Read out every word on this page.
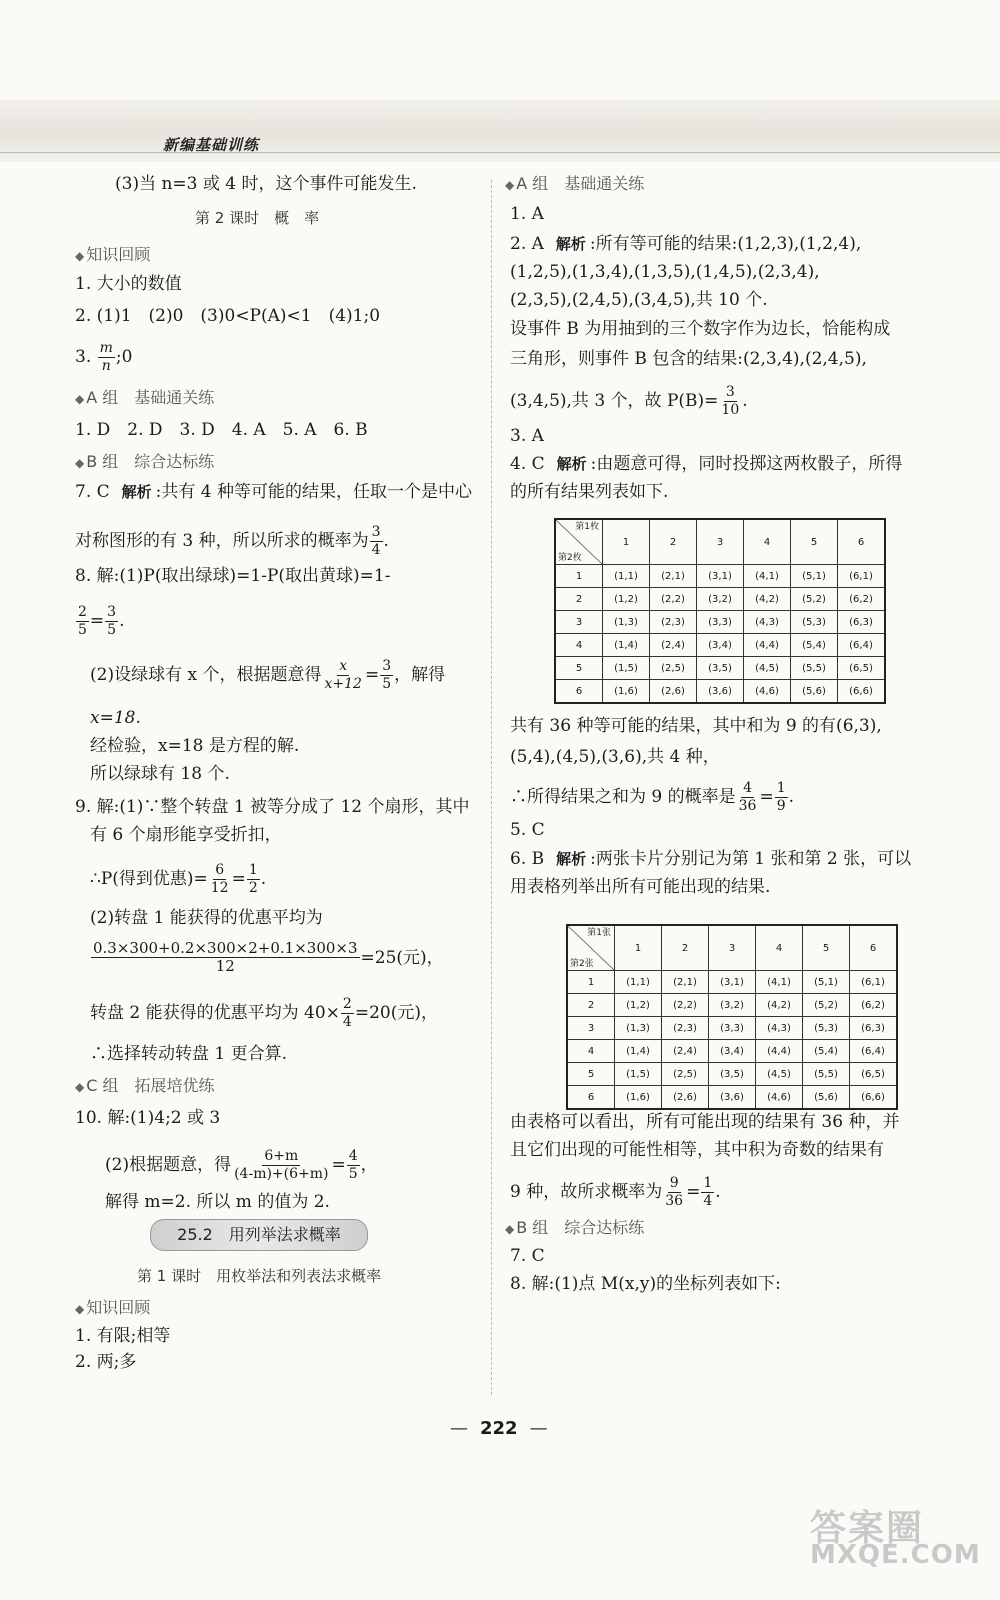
新编基础训练
(3)当 n=3 或 4 时，这个事件可能发生.
第 2 课时　概　率
◆ 知识回顾
1. 大小的数值
2. (1)1　(2)0　(3)0<P(A)<1　(4)1;0
3. $\frac{m}{n}$ ;0
◆ A 组　基础通关练
1. D　2. D　3. D　4. A　5. A　6. B
◆ B 组　综合达标练
7. C 解析 :共有 4 种等可能的结果，任取一个是中心
对称图形的有 3 种，所以所求的概率为 $\frac{3}{4}$ .
8. 解:(1)P(取出绿球)=1-P(取出黄球)=1-
$\frac{2}{5} = \frac{3}{5}$ .
(2)设绿球有 x 个，根据题意得 $\frac{x}{x+12} = \frac{3}{5}$ ，解得
x=18.
经检验，x=18 是方程的解.
所以绿球有 18 个.
9. 解:(1)∵整个转盘 1 被等分成了 12 个扇形，其中
有 6 个扇形能享受折扣，
∴P(得到优惠)= $\frac{6}{12} = \frac{1}{2}$ .
(2)转盘 1 能获得的优惠平均为
$\frac{0.3\times 300+0.2\times 300\times 2+0.1\times 300\times 3}{12} =25$(元)，
转盘 2 能获得的优惠平均为 $40\times \frac{2}{4} =20$(元)，
∴选择转动转盘 1 更合算.
◆ C 组　拓展培优练
10. 解:(1)4;2 或 3
(2)根据题意，得 $\frac{6+m}{(4-m)+(6+m)} = \frac{4}{5}$ ，
解得 m=2. 所以 m 的值为 2.
第 1 课时　用枚举法和列表法求概率
◆ 知识回顾
1. 有限;相等
2. 两;多
25.2　用列举法求概率
◆ A 组　基础通关练
1. A
2. A 解析 :所有等可能的结果:(1,2,3),(1,2,4),
(1,2,5),(1,3,4),(1,3,5),(1,4,5),(2,3,4),
(2,3,5),(2,4,5),(3,4,5),共 10 个.
设事件 B 为用抽到的三个数字作为边长，恰能构成
三角形，则事件 B 包含的结果:(2,3,4),(2,4,5),
(3,4,5),共 3 个，故 $P(B)= \frac{3}{10}$ .
3. A
4. C 解析 :由题意可得，同时投掷这两枚骰子，所得
的所有结果列表如下.
共有 36 种等可能的结果，其中和为 9 的有(6,3),
(5,4),(4,5),(3,6),共 4 种，
∴所得结果之和为 9 的概率是 $\frac{4}{36} = \frac{1}{9}$ .
5. C
6. B 解析 :两张卡片分别记为第 1 张和第 2 张，可以
用表格列举出所有可能出现的结果.
由表格可以看出，所有可能出现的结果有 36 种，并
且它们出现的可能性相等，其中积为奇数的结果有
9 种，故所求概率为 $\frac{9}{36} = \frac{1}{4}$ .
◆ B 组　综合达标练
7. C
8. 解:(1)点 M(x,y)的坐标列表如下:
第1枚
第2枚	1	2	3	4	5	6
1	(1,1)	(2,1)	(3,1)	(4,1)	(5,1)	(6,1)
2	(1,2)	(2,2)	(3,2)	(4,2)	(5,2)	(6,2)
3	(1,3)	(2,3)	(3,3)	(4,3)	(5,3)	(6,3)
4	(1,4)	(2,4)	(3,4)	(4,4)	(5,4)	(6,4)
5	(1,5)	(2,5)	(3,5)	(4,5)	(5,5)	(6,5)
6	(1,6)	(2,6)	(3,6)	(4,6)	(5,6)	(6,6)
第1张
第2张	1	2	3	4	5	6
1	(1,1)	(2,1)	(3,1)	(4,1)	(5,1)	(6,1)
2	(1,2)	(2,2)	(3,2)	(4,2)	(5,2)	(6,2)
3	(1,3)	(2,3)	(3,3)	(4,3)	(5,3)	(6,3)
4	(1,4)	(2,4)	(3,4)	(4,4)	(5,4)	(6,4)
5	(1,5)	(2,5)	(3,5)	(4,5)	(5,5)	(6,5)
6	(1,6)	(2,6)	(3,6)	(4,6)	(5,6)	(6,6)
— 222 —
答案圈
MXQE.COM
